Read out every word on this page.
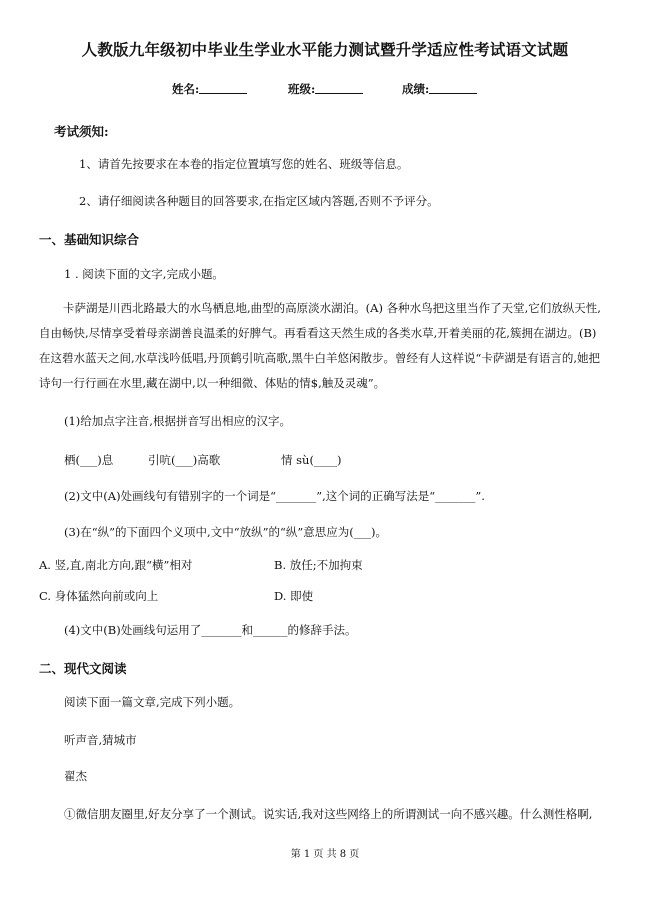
人教版九年级初中毕业生学业水平能力测试暨升学适应性考试语文试题
姓名:	班级:	成绩:
考试须知:
1、请首先按要求在本卷的指定位置填写您的姓名、班级等信息。
2、请仔细阅读各种题目的回答要求,在指定区域内答题,否则不予评分。
一、基础知识综合
1 . 阅读下面的文字,完成小题。
卡萨湖是川西北路最大的水鸟栖息地,曲型的高原淡水湖泊。(A) 各种水鸟把这里当作了天堂,它们放纵天性,
自由畅快,尽情享受着母亲湖善良温柔的好脾气。再看看这天然生成的各类水草,开着美丽的花,簇拥在湖边。(B)
在这碧水蓝天之间,水草浅吟低唱,丹顶鹤引吭高歌,黑牛白羊悠闲散步。曾经有人这样说“卡萨湖是有语言的,她把
诗句一行行画在水里,藏在湖中,以一种细微、体贴的情$,触及灵魂”。
(1)给加点字注音,根据拼音写出相应的汉字。
栖(___)息	引吭(___)高歌	情 sù(____)
(2)文中(A)处画线句有错别字的一个词是“_______”,这个词的正确写法是“_______”.
(3)在“纵”的下面四个义项中,文中“放纵”的“纵”意思应为(___)。
A. 竖,直,南北方向,跟“横”相对	B. 放任;不加拘束
C. 身体猛然向前或向上	D. 即使
(4)文中(B)处画线句运用了_______和______的修辞手法。
二、现代文阅读
阅读下面一篇文章,完成下列小题。
听声音,猜城市
翟杰
①微信朋友圈里,好友分享了一个测试。说实话,我对这些网络上的所谓测试一向不感兴趣。什么测性格啊,
第 1 页 共 8 页
